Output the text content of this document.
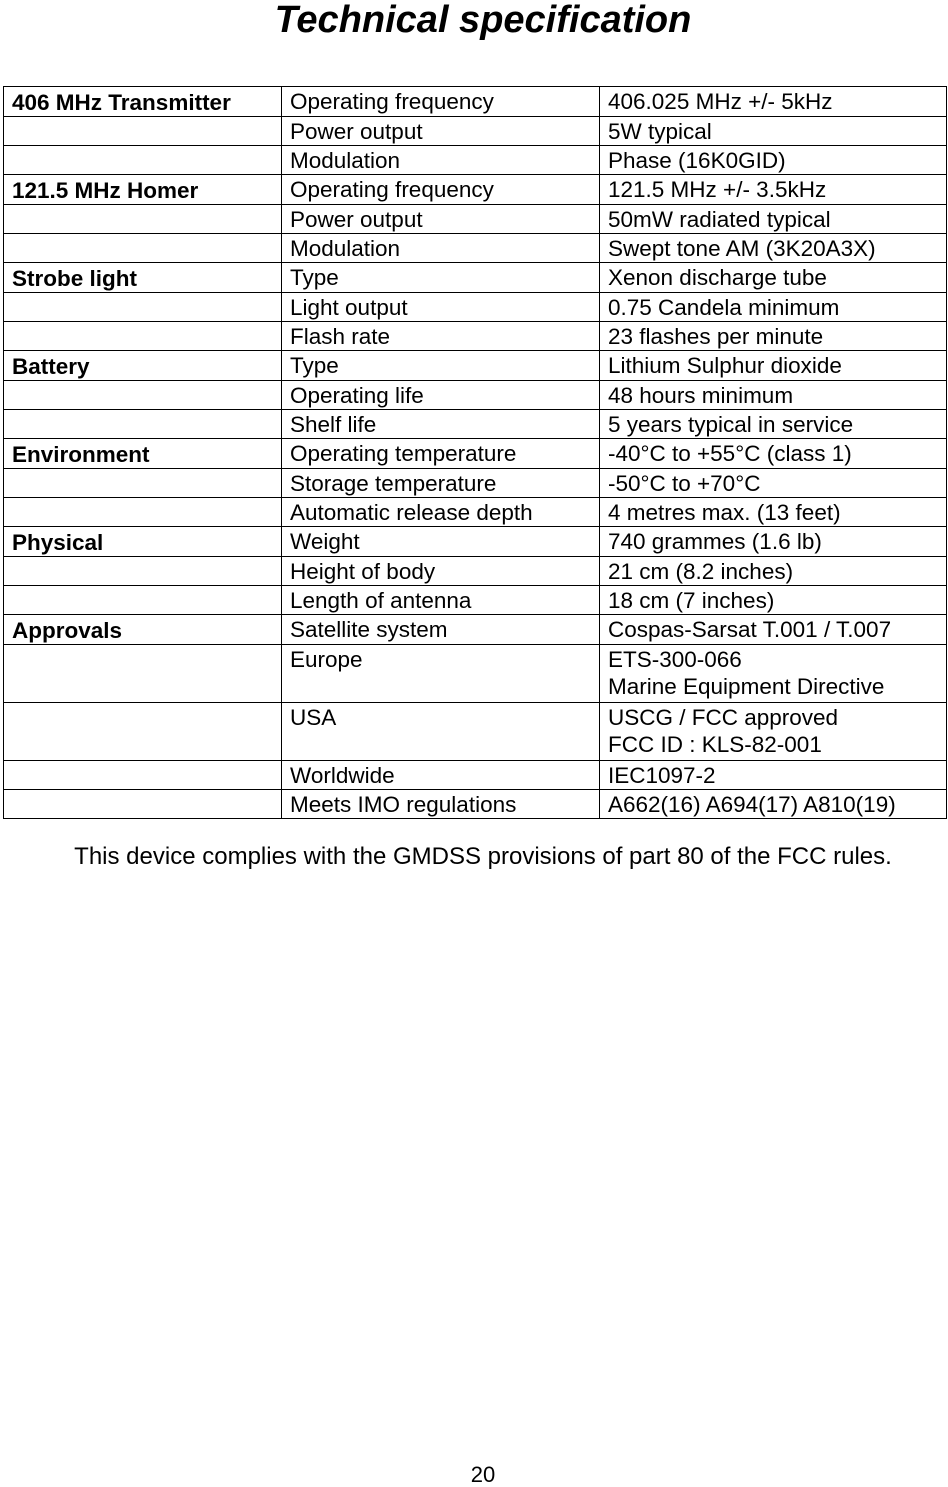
Technical specification
406 MHz Transmitter	Operating frequency	406.025 MHz +/- 5kHz
	Power output	5W typical
	Modulation	Phase (16K0GID)
121.5 MHz Homer	Operating frequency	121.5 MHz +/- 3.5kHz
	Power output	50mW radiated typical
	Modulation	Swept tone AM (3K20A3X)
Strobe light	Type	Xenon discharge tube
	Light output	0.75 Candela minimum
	Flash rate	23 flashes per minute
Battery	Type	Lithium Sulphur dioxide
	Operating life	48 hours minimum
	Shelf life	5 years typical in service
Environment	Operating temperature	-40°C to +55°C (class 1)
	Storage temperature	-50°C to +70°C
	Automatic release depth	4 metres max. (13 feet)
Physical	Weight	740 grammes (1.6 lb)
	Height of body	21 cm (8.2 inches)
	Length of antenna	18 cm (7 inches)
Approvals	Satellite system	Cospas-Sarsat T.001 / T.007
	Europe	ETS-300-066
Marine Equipment Directive

	USA	USCG / FCC approved
FCC ID : KLS-82-001

	Worldwide	IEC1097-2
	Meets IMO regulations	A662(16) A694(17) A810(19)

This device complies with the GMDSS provisions of part 80 of the FCC rules.

20
